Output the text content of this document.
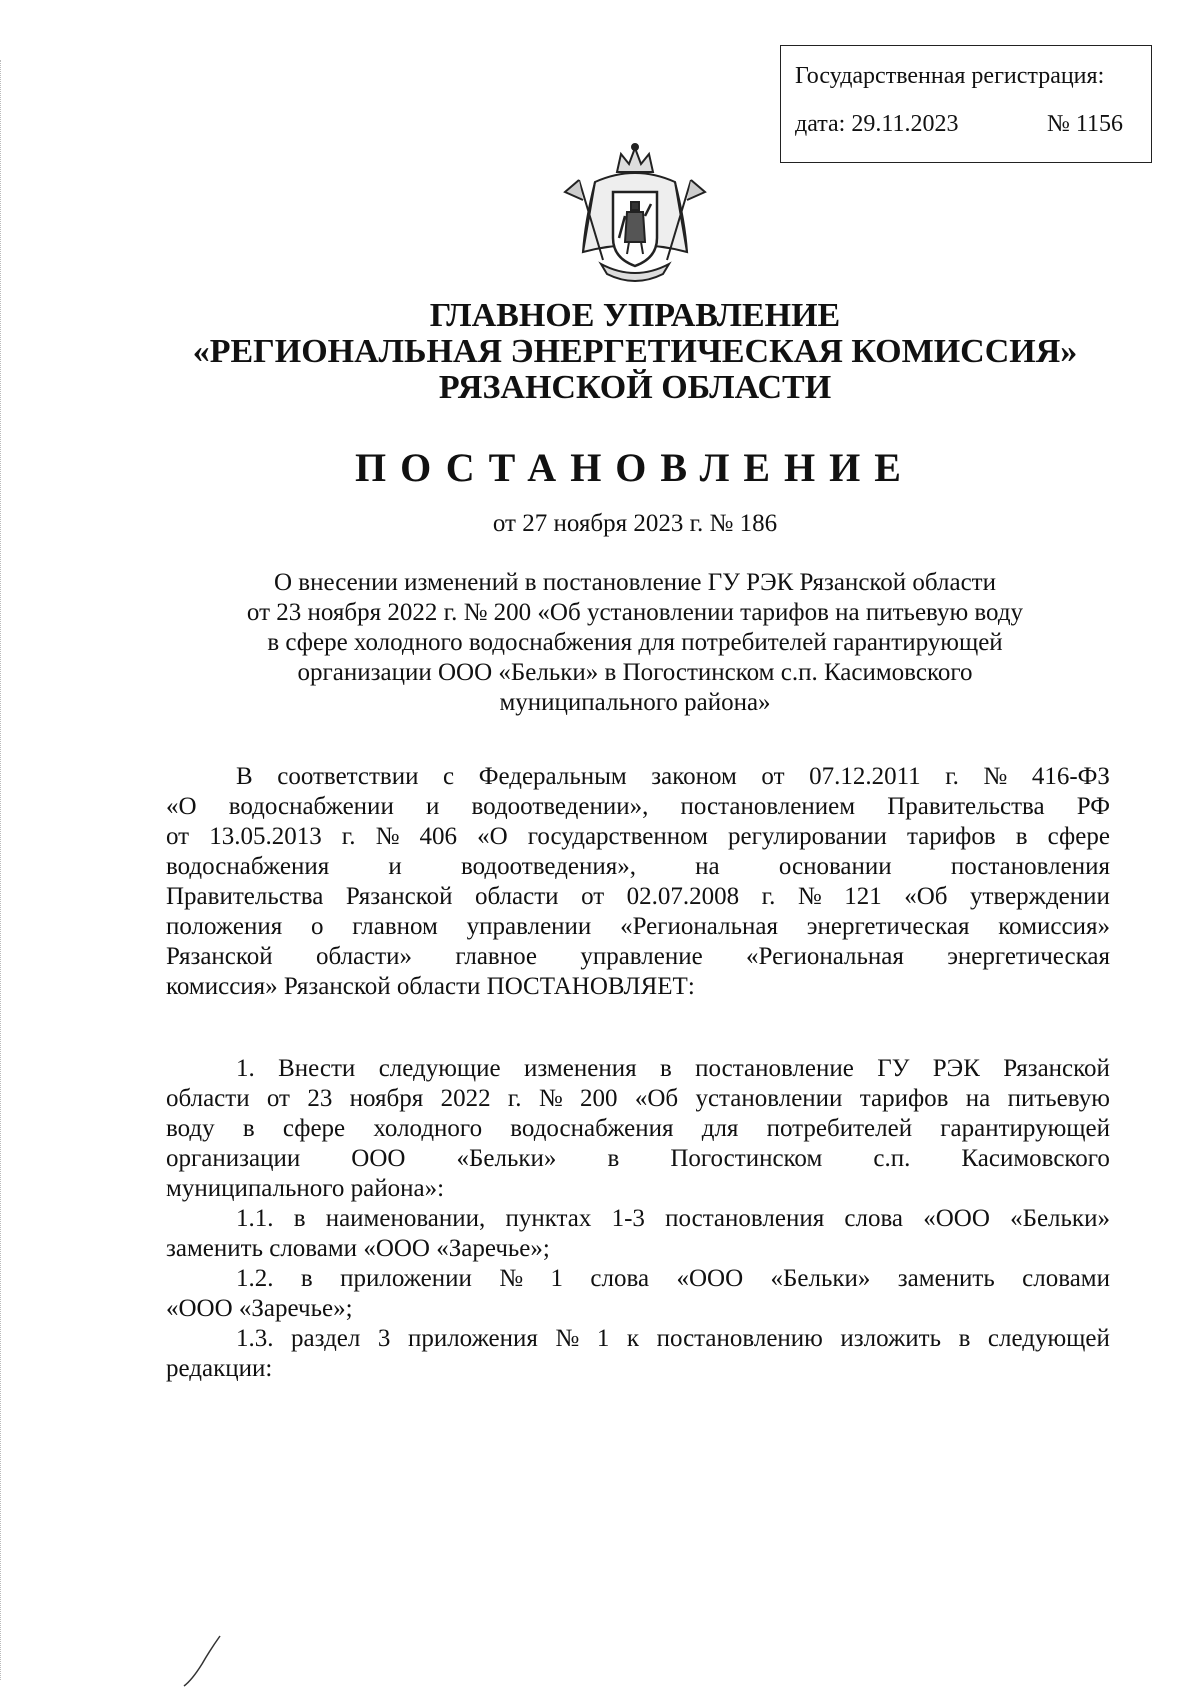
Государственная регистрация:
дата: 29.11.2023	№ 1156
ГЛАВНОЕ УПРАВЛЕНИЕ
«РЕГИОНАЛЬНАЯ ЭНЕРГЕТИЧЕСКАЯ КОМИССИЯ»
РЯЗАНСКОЙ ОБЛАСТИ
ПОСТАНОВЛЕНИЕ
от 27 ноября 2023 г. № 186
О внесении изменений в постановление ГУ РЭК Рязанской области
от 23 ноября 2022 г. № 200 «Об установлении тарифов на питьевую воду
в сфере холодного водоснабжения для потребителей гарантирующей
организации ООО «Бельки» в Погостинском с.п. Касимовского
муниципального района»
В соответствии с Федеральным законом от 07.12.2011 г. № 416-ФЗ
«О водоснабжении и водоотведении», постановлением Правительства РФ
от 13.05.2013 г. № 406 «О государственном регулировании тарифов в сфере
водоснабжения и водоотведения», на основании постановления
Правительства Рязанской области от 02.07.2008 г. № 121 «Об утверждении
положения о главном управлении «Региональная энергетическая комиссия»
Рязанской области» главное управление «Региональная энергетическая
комиссия» Рязанской области ПОСТАНОВЛЯЕТ:
1. Внести следующие изменения в постановление ГУ РЭК Рязанской
области от 23 ноября 2022 г. № 200 «Об установлении тарифов на питьевую
воду в сфере холодного водоснабжения для потребителей гарантирующей
организации ООО «Бельки» в Погостинском с.п. Касимовского
муниципального района»:
1.1. в наименовании, пунктах 1-3 постановления слова «ООО «Бельки»
заменить словами «ООО «Заречье»;
1.2. в приложении № 1 слова «ООО «Бельки» заменить словами
«ООО «Заречье»;
1.3. раздел 3 приложения № 1 к постановлению изложить в следующей
редакции:
